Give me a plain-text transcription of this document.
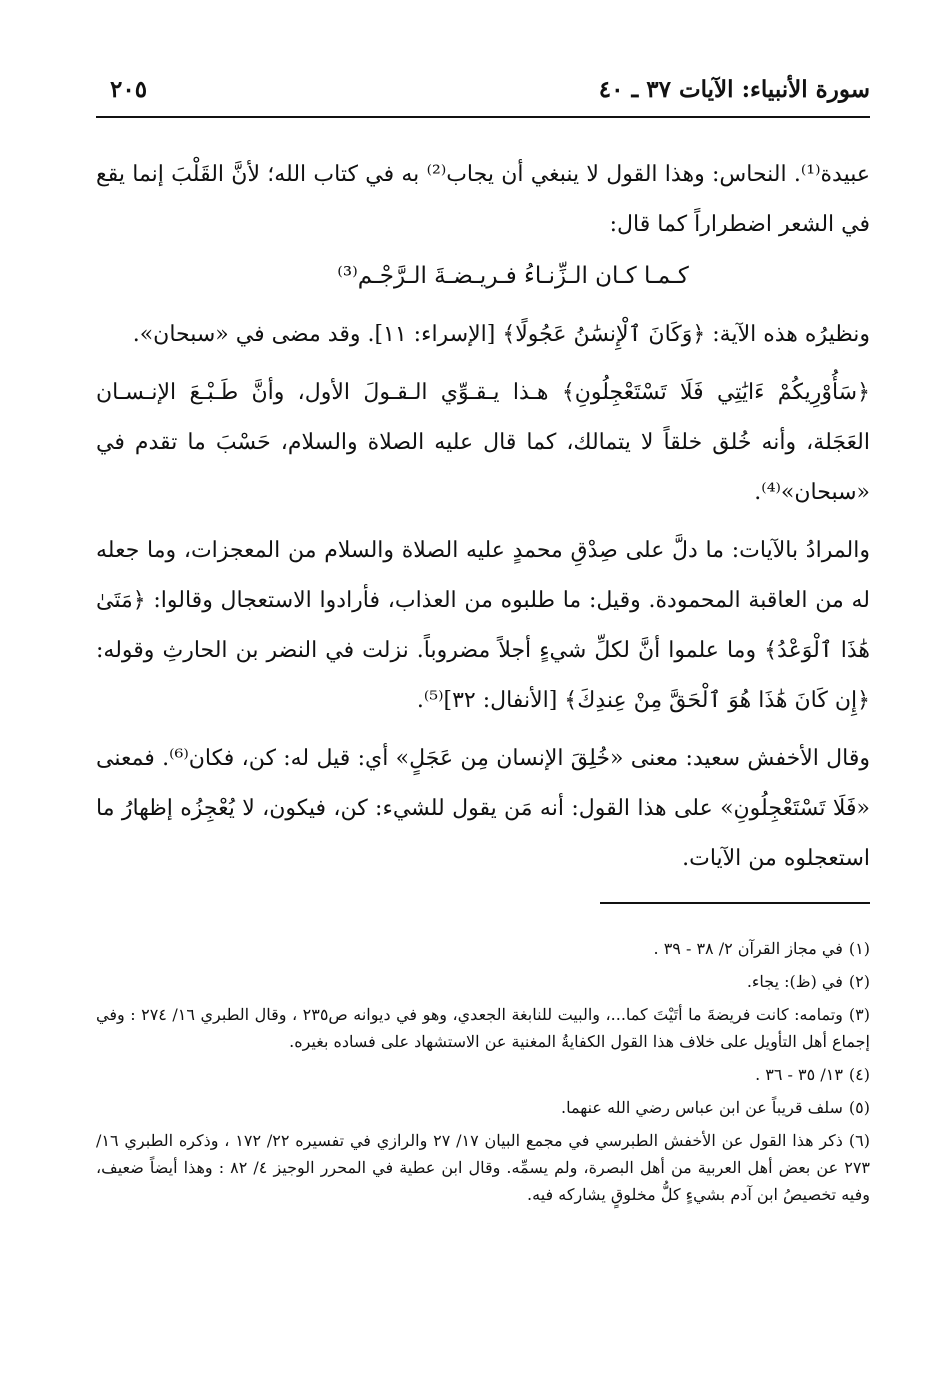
سورة الأنبياء: الآيات ٣٧ ـ ٤٠
٢٠٥

عبيدة⁽¹⁾. النحاس: وهذا القول لا ينبغي أن يجاب⁽²⁾ به في كتاب الله؛ لأنَّ القَلْبَ إنما يقع في الشعر اضطراراً كما قال:

كـمـا كـان الـزِّنـاءُ فـريـضـةَ الـرَّجْـم⁽³⁾

ونظيرُه هذه الآية: ﴿وَكَانَ ٱلْإِنسَٰنُ عَجُولًا﴾ [الإسراء: ١١]. وقد مضى في «سبحان».

﴿سَأُوْرِيكُمْ ءَايَٰتِي فَلَا تَسْتَعْجِلُونِ﴾ هـذا يـقـوِّي الـقـولَ الأول، وأنَّ طَـبْـعَ الإنـسـان العَجَلة، وأنه خُلق خلقاً لا يتمالك، كما قال عليه الصلاة والسلام، حَسْبَ ما تقدم في «سبحان»⁽⁴⁾.

والمرادُ بالآيات: ما دلَّ على صِدْقِ محمدٍ عليه الصلاة والسلام من المعجزات، وما جعله له من العاقبة المحمودة. وقيل: ما طلبوه من العذاب، فأرادوا الاستعجال وقالوا: ﴿مَتَىٰ هَٰذَا ٱلْوَعْدُ﴾ وما علموا أنَّ لكلِّ شيءٍ أجلاً مضروباً. نزلت في النضر بن الحارثِ وقوله: ﴿إِن كَانَ هَٰذَا هُوَ ٱلْحَقَّ مِنْ عِندِكَ﴾ [الأنفال: ٣٢]⁽⁵⁾.

وقال الأخفش سعيد: معنى «خُلِقَ الإنسان مِن عَجَلٍ» أي: قيل له: كن، فكان⁽⁶⁾. فمعنى «فَلَا تَسْتَعْجِلُونِ» على هذا القول: أنه مَن يقول للشيء: كن، فيكون، لا يُعْجِزُه إظهارُ ما استعجلوه من الآيات.

(١)في مجاز القرآن ٢/ ٣٨ - ٣٩ .

(٢)في (ظ): يجاء.

(٣)وتمامه: كانت فريضةَ ما أتَيْتَ كما...، والبيت للنابغة الجعدي، وهو في ديوانه ص٢٣٥ ، وقال الطبري ١٦/ ٢٧٤ : وفي إجماع أهل التأويل على خلاف هذا القول الكفايةُ المغنية عن الاستشهاد على فساده بغيره.

(٤)١٣/ ٣٥ - ٣٦ .

(٥)سلف قريباً عن ابن عباس رضي الله عنهما.

(٦)ذكر هذا القول عن الأخفش الطبرسي في مجمع البيان ١٧/ ٢٧ والرازي في تفسيره ٢٢/ ١٧٢ ، وذكره الطبري ١٦/ ٢٧٣ عن بعض أهل العربية من أهل البصرة، ولم يسمِّه. وقال ابن عطية في المحرر الوجيز ٤/ ٨٢ : وهذا أيضاً ضعيف، وفيه تخصيصُ ابن آدم بشيءٍ كلُّ مخلوقٍ يشاركه فيه.
